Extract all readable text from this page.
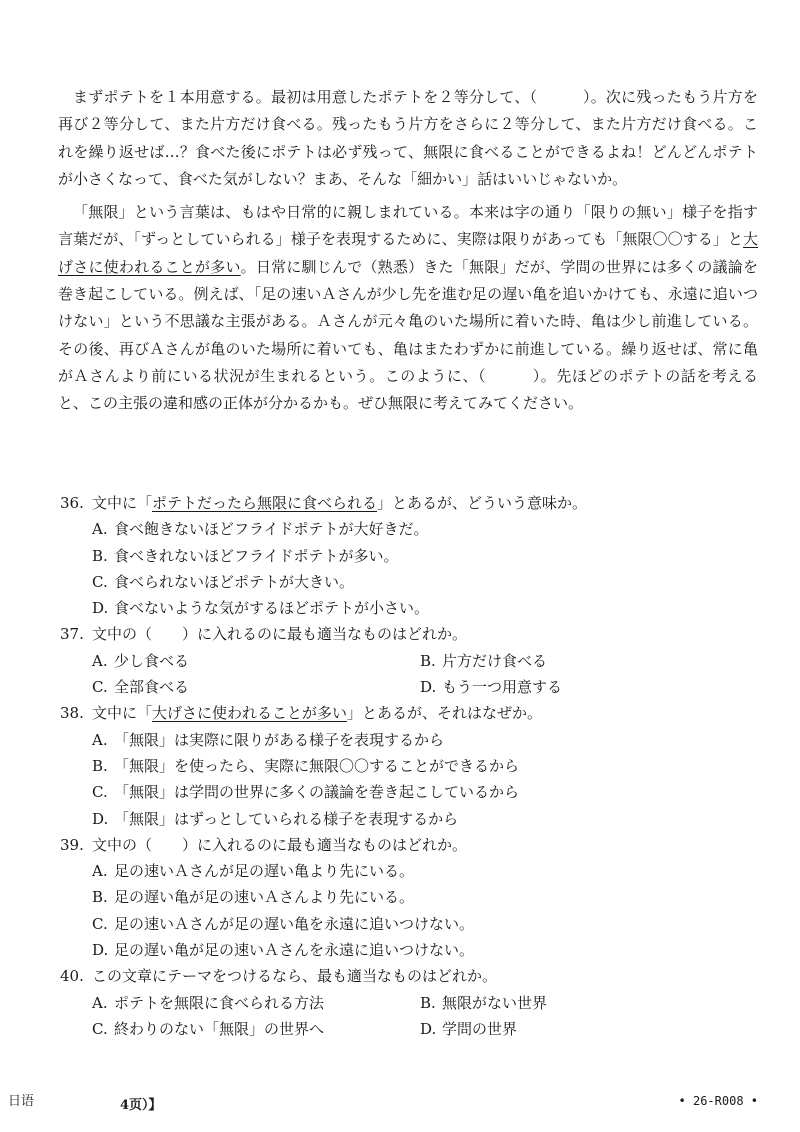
まずポテトを１本用意する。最初は用意したポテトを２等分して、（　　　）。次に残ったもう片方を再び２等分して、また片方だけ食べる。残ったもう片方をさらに２等分して、また片方だけ食べる。これを繰り返せば…？食べた後にポテトは必ず残って、無限に食べることができるよね！どんどんポテトが小さくなって、食べた気がしない？まあ、そんな「細かい」話はいいじゃないか。

「無限」という言葉は、もはや日常的に親しまれている。本来は字の通り「限りの無い」様子を指す言葉だが、「ずっとしていられる」様子を表現するために、実際は限りがあっても「無限〇〇する」と大げさに使われることが多い。日常に馴じんで（熟悉）きた「無限」だが、学問の世界には多くの議論を巻き起こしている。例えば、「足の速いＡさんが少し先を進む足の遅い亀を追いかけても、永遠に追いつけない」という不思議な主張がある。Ａさんが元々亀のいた場所に着いた時、亀は少し前進している。その後、再びＡさんが亀のいた場所に着いても、亀はまたわずかに前進している。繰り返せば、常に亀がＡさんより前にいる状況が生まれるという。このように、（　　　）。先ほどのポテトの話を考えると、この主張の違和感の正体が分かるかも。ぜひ無限に考えてみてください。

36. 文中に「ポテトだったら無限に食べられる」とあるが、どういう意味か。
A. 食べ飽きないほどフライドポテトが大好きだ。
B. 食べきれないほどフライドポテトが多い。
C. 食べられないほどポテトが大きい。
D. 食べないような気がするほどポテトが小さい。
37. 文中の（　　）に入れるのに最も適当なものはどれか。
A. 少し食べる	B. 片方だけ食べる
C. 全部食べる	D. もう一つ用意する
38. 文中に「大げさに使われることが多い」とあるが、それはなぜか。
A. 「無限」は実際に限りがある様子を表現するから
B. 「無限」を使ったら、実際に無限〇〇することができるから
C. 「無限」は学問の世界に多くの議論を巻き起こしているから
D. 「無限」はずっとしていられる様子を表現するから
39. 文中の（　　）に入れるのに最も適当なものはどれか。
A. 足の速いＡさんが足の遅い亀より先にいる。
B. 足の遅い亀が足の速いＡさんより先にいる。
C. 足の速いＡさんが足の遅い亀を永遠に追いつけない。
D. 足の遅い亀が足の速いＡさんを永遠に追いつけない。
40. この文章にテーマをつけるなら、最も適当なものはどれか。
A. ポテトを無限に食べられる方法	B. 無限がない世界
C. 終わりのない「無限」の世界へ	D. 学問の世界
日语	4页）】	• 26-R008 •
